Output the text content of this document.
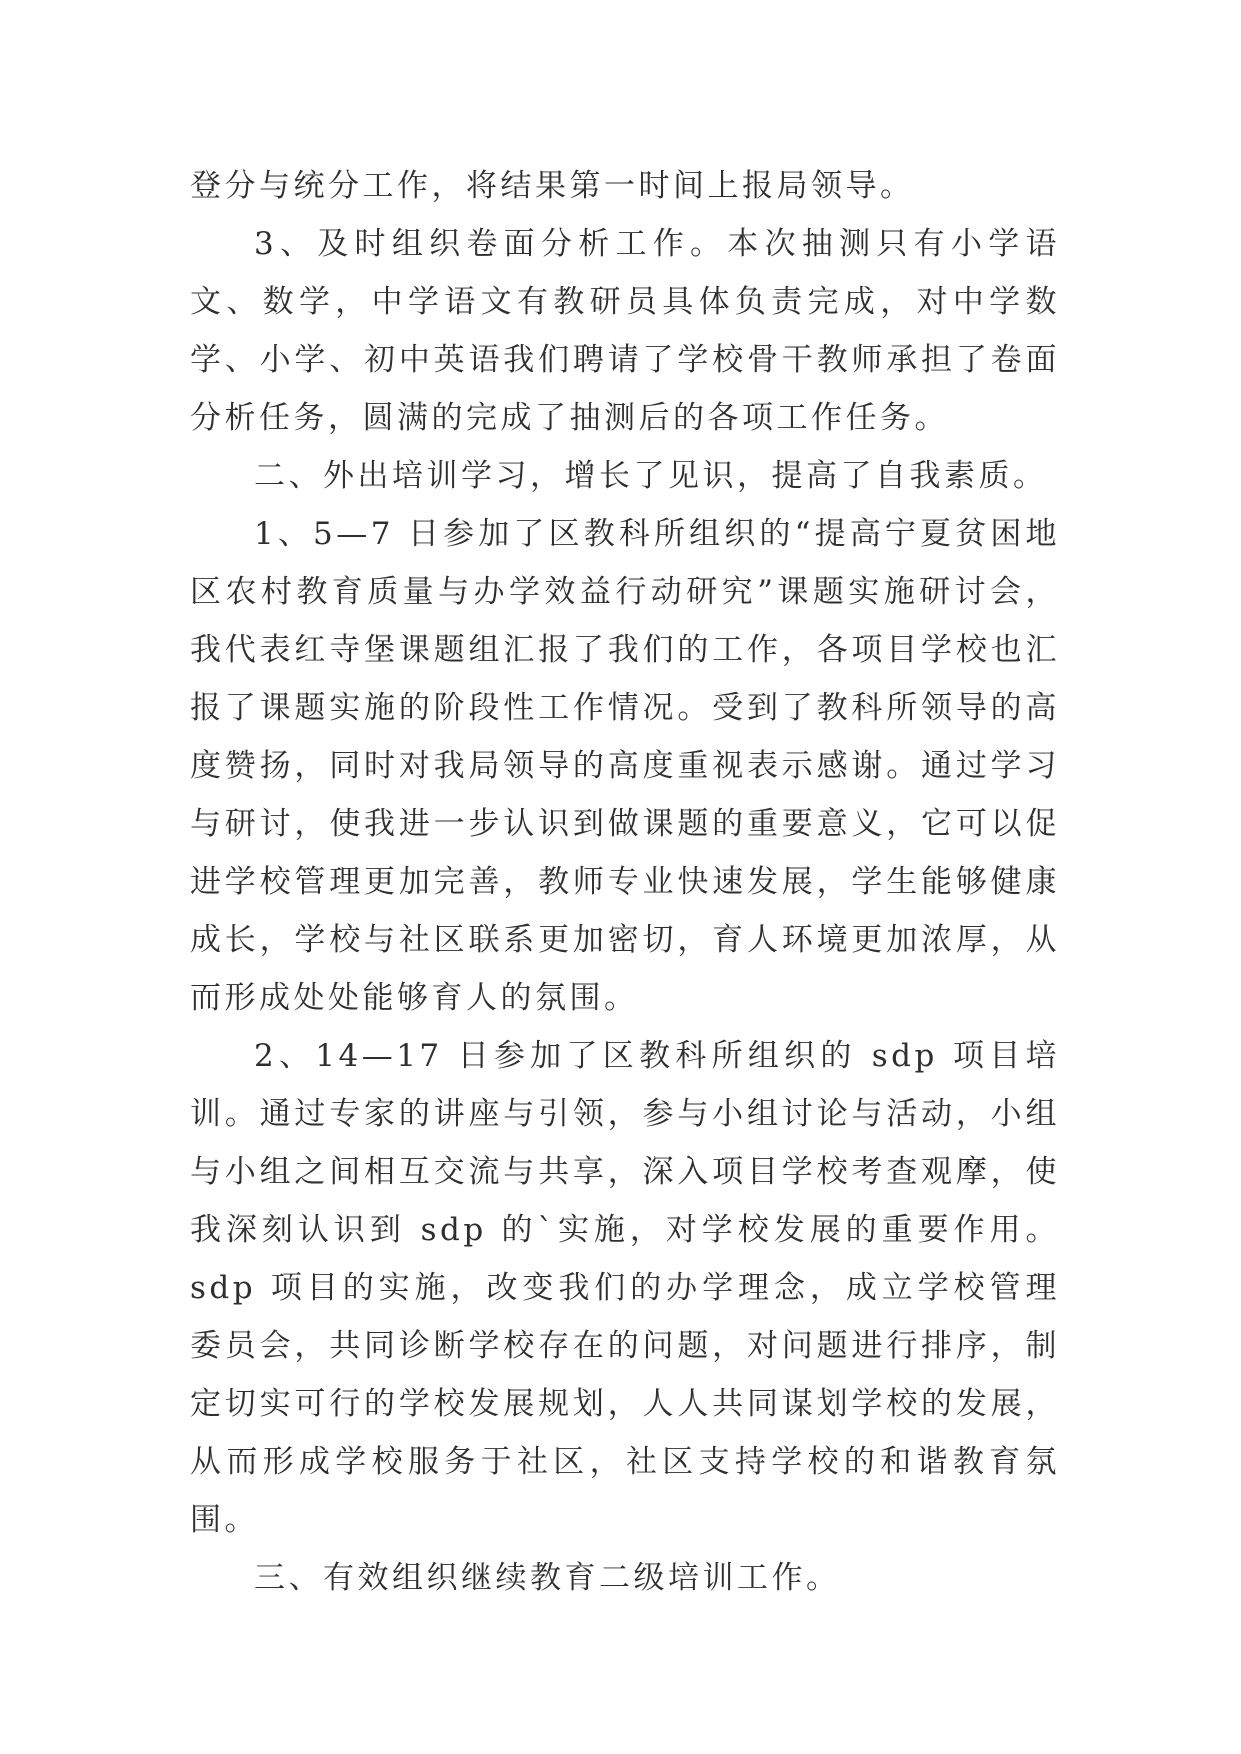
登分与统分工作，将结果第一时间上报局领导。

3、及时组织卷面分析工作。本次抽测只有小学语文、数学，中学语文有教研员具体负责完成，对中学数学、小学、初中英语我们聘请了学校骨干教师承担了卷面分析任务，圆满的完成了抽测后的各项工作任务。

二、外出培训学习，增长了见识，提高了自我素质。

1、5—7 日参加了区教科所组织的“提高宁夏贫困地区农村教育质量与办学效益行动研究”课题实施研讨会，我代表红寺堡课题组汇报了我们的工作，各项目学校也汇报了课题实施的阶段性工作情况。受到了教科所领导的高度赞扬，同时对我局领导的高度重视表示感谢。通过学习与研讨，使我进一步认识到做课题的重要意义，它可以促进学校管理更加完善，教师专业快速发展，学生能够健康成长，学校与社区联系更加密切，育人环境更加浓厚，从而形成处处能够育人的氛围。

2、14—17 日参加了区教科所组织的 sdp 项目培训。通过专家的讲座与引领，参与小组讨论与活动，小组与小组之间相互交流与共享，深入项目学校考查观摩，使我深刻认识到 sdp 的`实施，对学校发展的重要作用。sdp 项目的实施，改变我们的办学理念，成立学校管理委员会，共同诊断学校存在的问题，对问题进行排序，制定切实可行的学校发展规划，人人共同谋划学校的发展，从而形成学校服务于社区，社区支持学校的和谐教育氛围。

三、有效组织继续教育二级培训工作。
